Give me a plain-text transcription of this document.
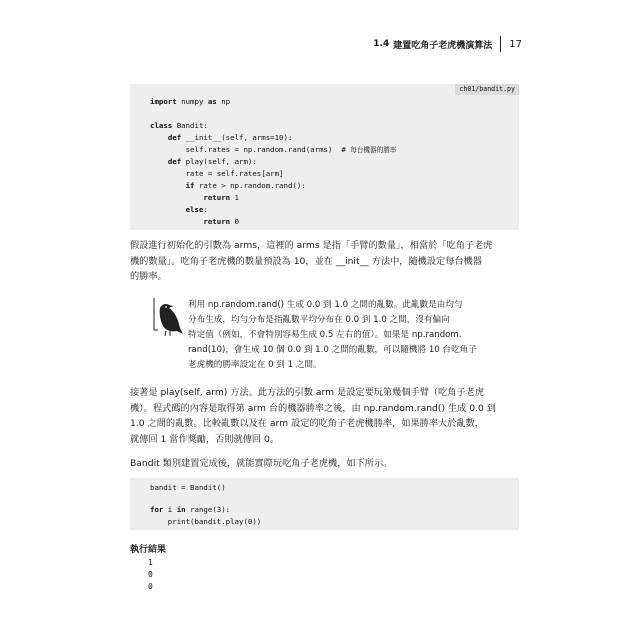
1.4 建置吃角子老虎機演算法 17
ch01/bandit.py
import numpy as np
class Bandit:
def __init__(self, arms=10):
self.rates = np.random.rand(arms)  # 每台機器的勝率
def play(self, arm):
rate = self.rates[arm]
if rate > np.random.rand():
return 1
else:
return 0
假設進行初始化的引數為 arms，這裡的 arms 是指「手臂的數量」，相當於「吃角子老虎
機的數量」。吃角子老虎機的數量預設為 10，並在 __init__ 方法中，隨機設定每台機器
的勝率。
利用 np.random.rand() 生成 0.0 到 1.0 之間的亂數。此亂數是由均勻
分布生成，均勻分布是指亂數平均分布在 0.0 到 1.0 之間，沒有偏向
特定值（例如，不會特別容易生成 0.5 左右的值）。如果是 np.random.
rand(10)，會生成 10 個 0.0 到 1.0 之間的亂數，可以隨機將 10 台吃角子
老虎機的勝率設定在 0 到 1 之間。
接著是 play(self, arm) 方法。此方法的引數 arm 是設定要玩第幾個手臂（吃角子老虎
機）。程式碼的內容是取得第 arm 台的機器勝率之後，由 np.random.rand() 生成 0.0 到
1.0 之間的亂數。比較亂數以及在 arm 設定的吃角子老虎機勝率，如果勝率大於亂數，
就傳回 1 當作獎勵，否則就傳回 0。
Bandit 類別建置完成後，就能實際玩吃角子老虎機，如下所示。
bandit = Bandit()
for i in range(3):
print(bandit.play(0))
執行結果
1
0
0
